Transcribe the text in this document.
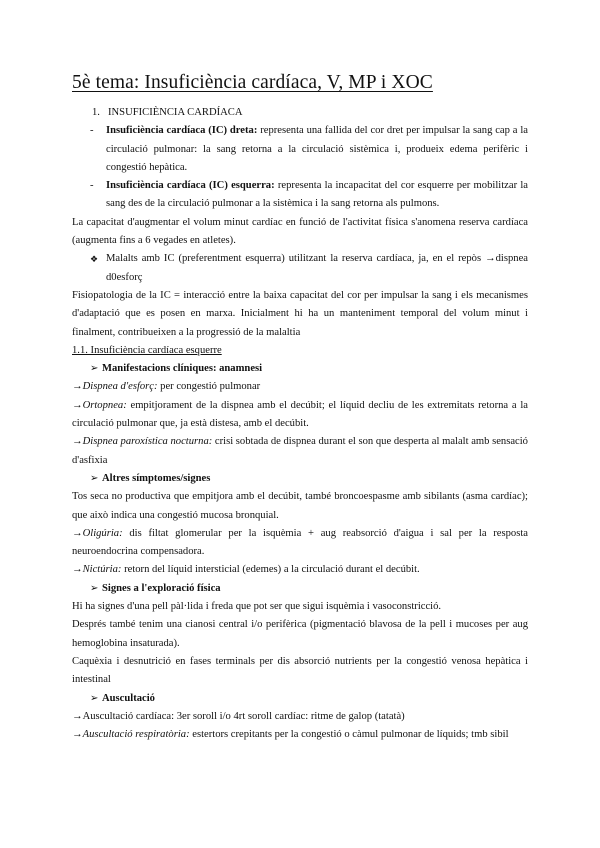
5è tema: Insuficiència cardíaca, V, MP i XOC
1. INSUFICIÈNCIA CARDÍACA
-	Insuficiència cardíaca (IC) dreta: representa una fallida del cor dret per impulsar la sang cap a la circulació pulmonar: la sang retorna a la circulació sistèmica i, produeix edema perifèric i congestió hepàtica.
-	Insuficiència cardíaca (IC) esquerra: representa la incapacitat del cor esquerre per mobilitzar la sang des de la circulació pulmonar a la sistèmica i la sang retorna als pulmons.

La capacitat d'augmentar el volum minut cardíac en funció de l'activitat física s'anomena reserva cardíaca (augmenta fins a 6 vegades en atletes).

❖ Malalts amb IC (preferentment esquerra) utilitzant la reserva cardíaca, ja, en el repòs →dispnea d0esforç

Fisiopatologia de la IC = interacció entre la baixa capacitat del cor per impulsar la sang i els mecanismes d'adaptació que es posen en marxa. Inicialment hi ha un manteniment temporal del volum minut i finalment, contribueixen a la progressió de la malaltia

1.1. Insuficiència cardíaca esquerre

➢ Manifestacions clíniques: anamnesi

→Dispnea d'esforç: per congestió pulmonar

→Ortopnea: empitjorament de la dispnea amb el decúbit; el líquid decliu de les extremitats retorna a la circulació pulmonar que, ja està distesa, amb el decúbit.

→Dispnea paroxística nocturna: crisi sobtada de dispnea durant el son que desperta al malalt amb sensació d'asfixia

➢ Altres símptomes/signes

Tos seca no productiva que empitjora amb el decúbit, també broncoespasme amb sibilants (asma cardíac); que això indica una congestió mucosa bronquial.

→Oligúria: dis filtat glomerular per la isquèmia + aug reabsorció d'aigua i sal per la resposta neuroendocrina compensadora.

→Nictúria: retorn del líquid intersticial (edemes) a la circulació durant el decúbit.

➢ Signes a l'exploració física

Hi ha signes d'una pell pàl·lida i freda que pot ser que sigui isquèmia i vasoconstricció.

Després també tenim una cianosi central i/o perifèrica (pigmentació blavosa de la pell i mucoses per aug hemoglobina insaturada).

Caquèxia i desnutrició en fases terminals per dis absorció nutrients per la congestió venosa hepàtica i intestinal

➢ Auscultació

→Auscultació cardíaca: 3er soroll i/o 4rt soroll cardíac: ritme de galop (tatatà)

→Auscultació respiratòria: estertors crepitants per la congestió o càmul pulmonar de líquids; tmb sibil
